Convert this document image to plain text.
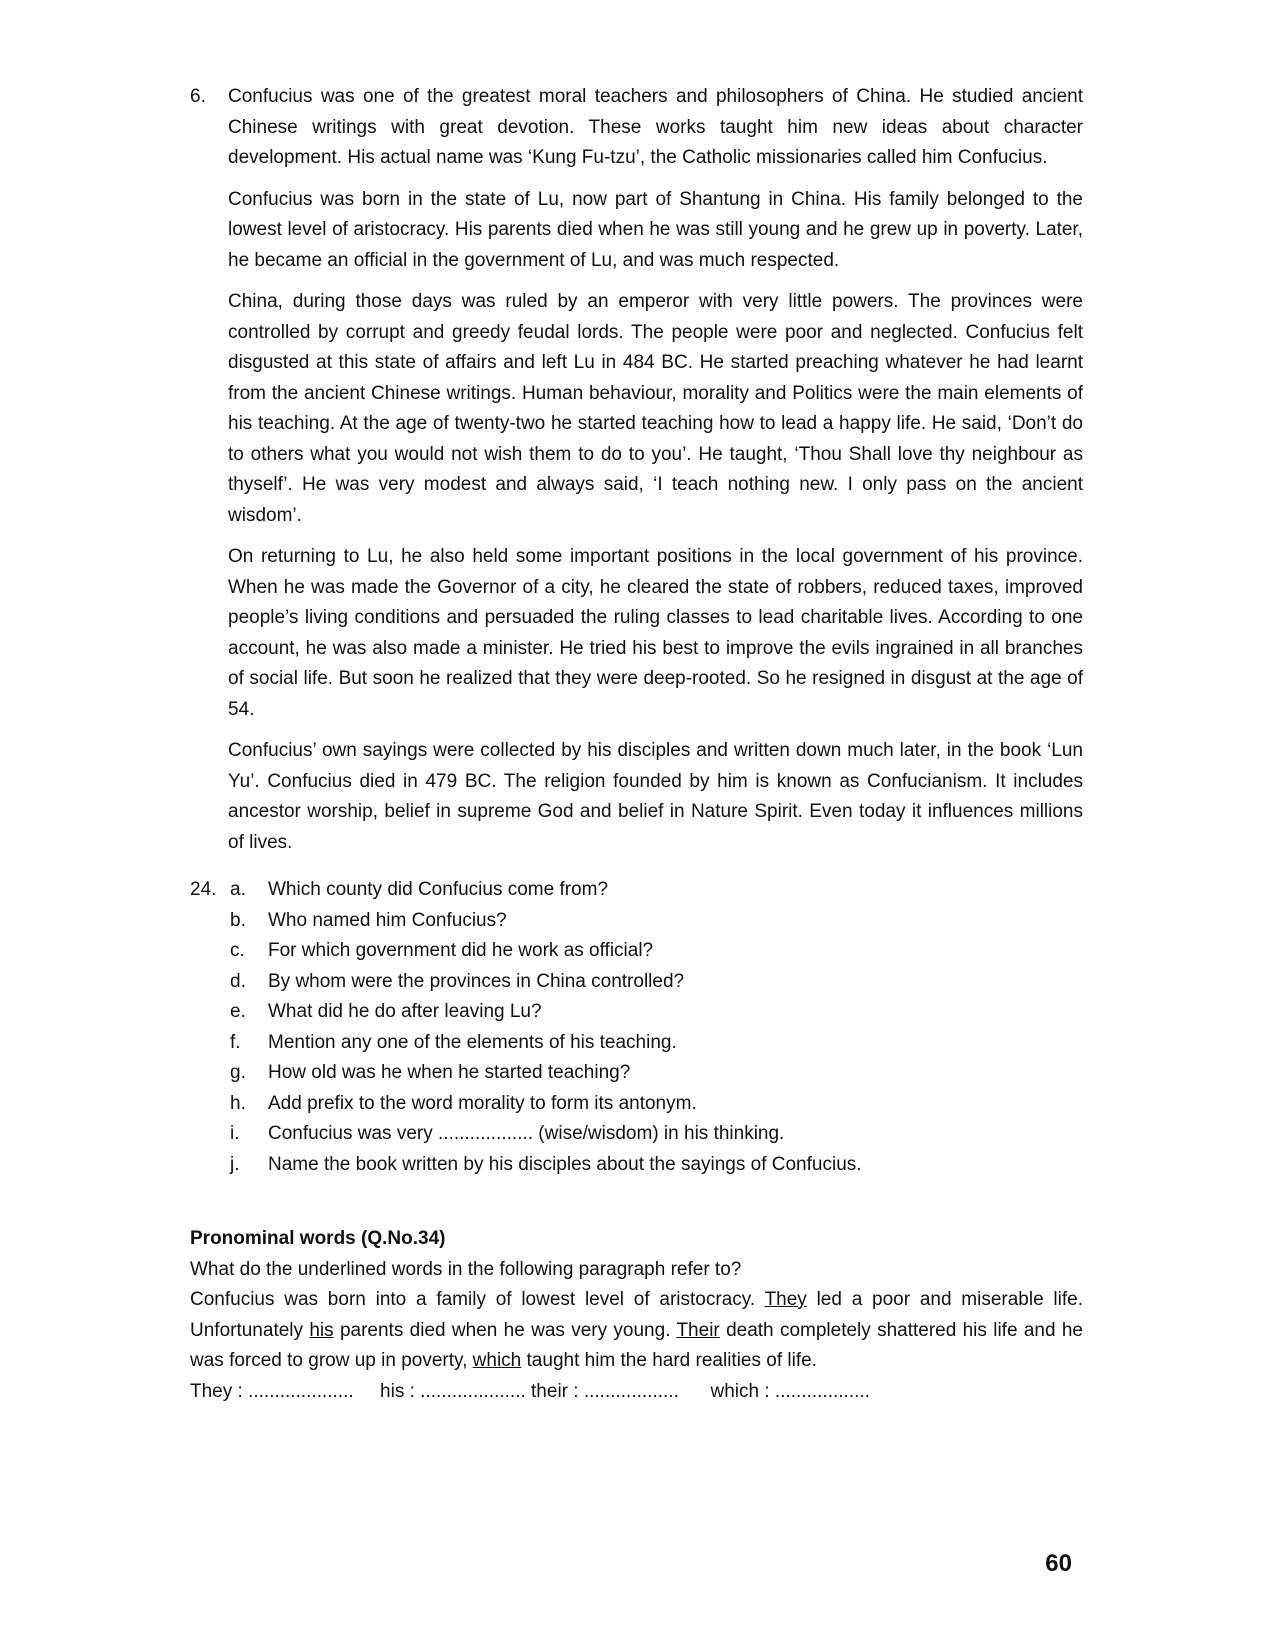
6. Confucius was one of the greatest moral teachers and philosophers of China. He studied ancient Chinese writings with great devotion. These works taught him new ideas about character development. His actual name was ‘Kung Fu-tzu’, the Catholic missionaries called him Confucius.

Confucius was born in the state of Lu, now part of Shantung in China. His family belonged to the lowest level of aristocracy. His parents died when he was still young and he grew up in poverty. Later, he became an official in the government of Lu, and was much respected.

China, during those days was ruled by an emperor with very little powers. The provinces were controlled by corrupt and greedy feudal lords. The people were poor and neglected. Confucius felt disgusted at this state of affairs and left Lu in 484 BC. He started preaching whatever he had learnt from the ancient Chinese writings. Human behaviour, morality and Politics were the main elements of his teaching. At the age of twenty-two he started teaching how to lead a happy life. He said, ‘Don’t do to others what you would not wish them to do to you’. He taught, ‘Thou Shall love thy neighbour as thyself’. He was very modest and always said, ‘I teach nothing new. I only pass on the ancient wisdom’.

On returning to Lu, he also held some important positions in the local government of his province. When he was made the Governor of a city, he cleared the state of robbers, reduced taxes, improved people’s living conditions and persuaded the ruling classes to lead charitable lives. According to one account, he was also made a minister. He tried his best to improve the evils ingrained in all branches of social life. But soon he realized that they were deep-rooted. So he resigned in disgust at the age of 54.

Confucius’ own sayings were collected by his disciples and written down much later, in the book ‘Lun Yu’. Confucius died in 479 BC. The religion founded by him is known as Confucianism. It includes ancestor worship, belief in supreme God and belief in Nature Spirit. Even today it influences millions of lives.

24. a.	Which county did Confucius come from?
b.	Who named him Confucius?
c.	For which government did he work as official?
d.	By whom were the provinces in China controlled?
e.	What did he do after leaving Lu?
f.	Mention any one of the elements of his teaching.
g.	How old was he when he started teaching?
h.	Add prefix to the word morality to form its antonym.
i.	Confucius was very .................. (wise/wisdom) in his thinking.
j.	Name the book written by his disciples about the sayings of Confucius.

Pronominal words (Q.No.34)

What do the underlined words in the following paragraph refer to?

Confucius was born into a family of lowest level of aristocracy. They led a poor and miserable life. Unfortunately his parents died when he was very young. Their death completely shattered his life and he was forced to grow up in poverty, which taught him the hard realities of life.

They : ....................     his : .................... their : ..................      which : ..................

60
